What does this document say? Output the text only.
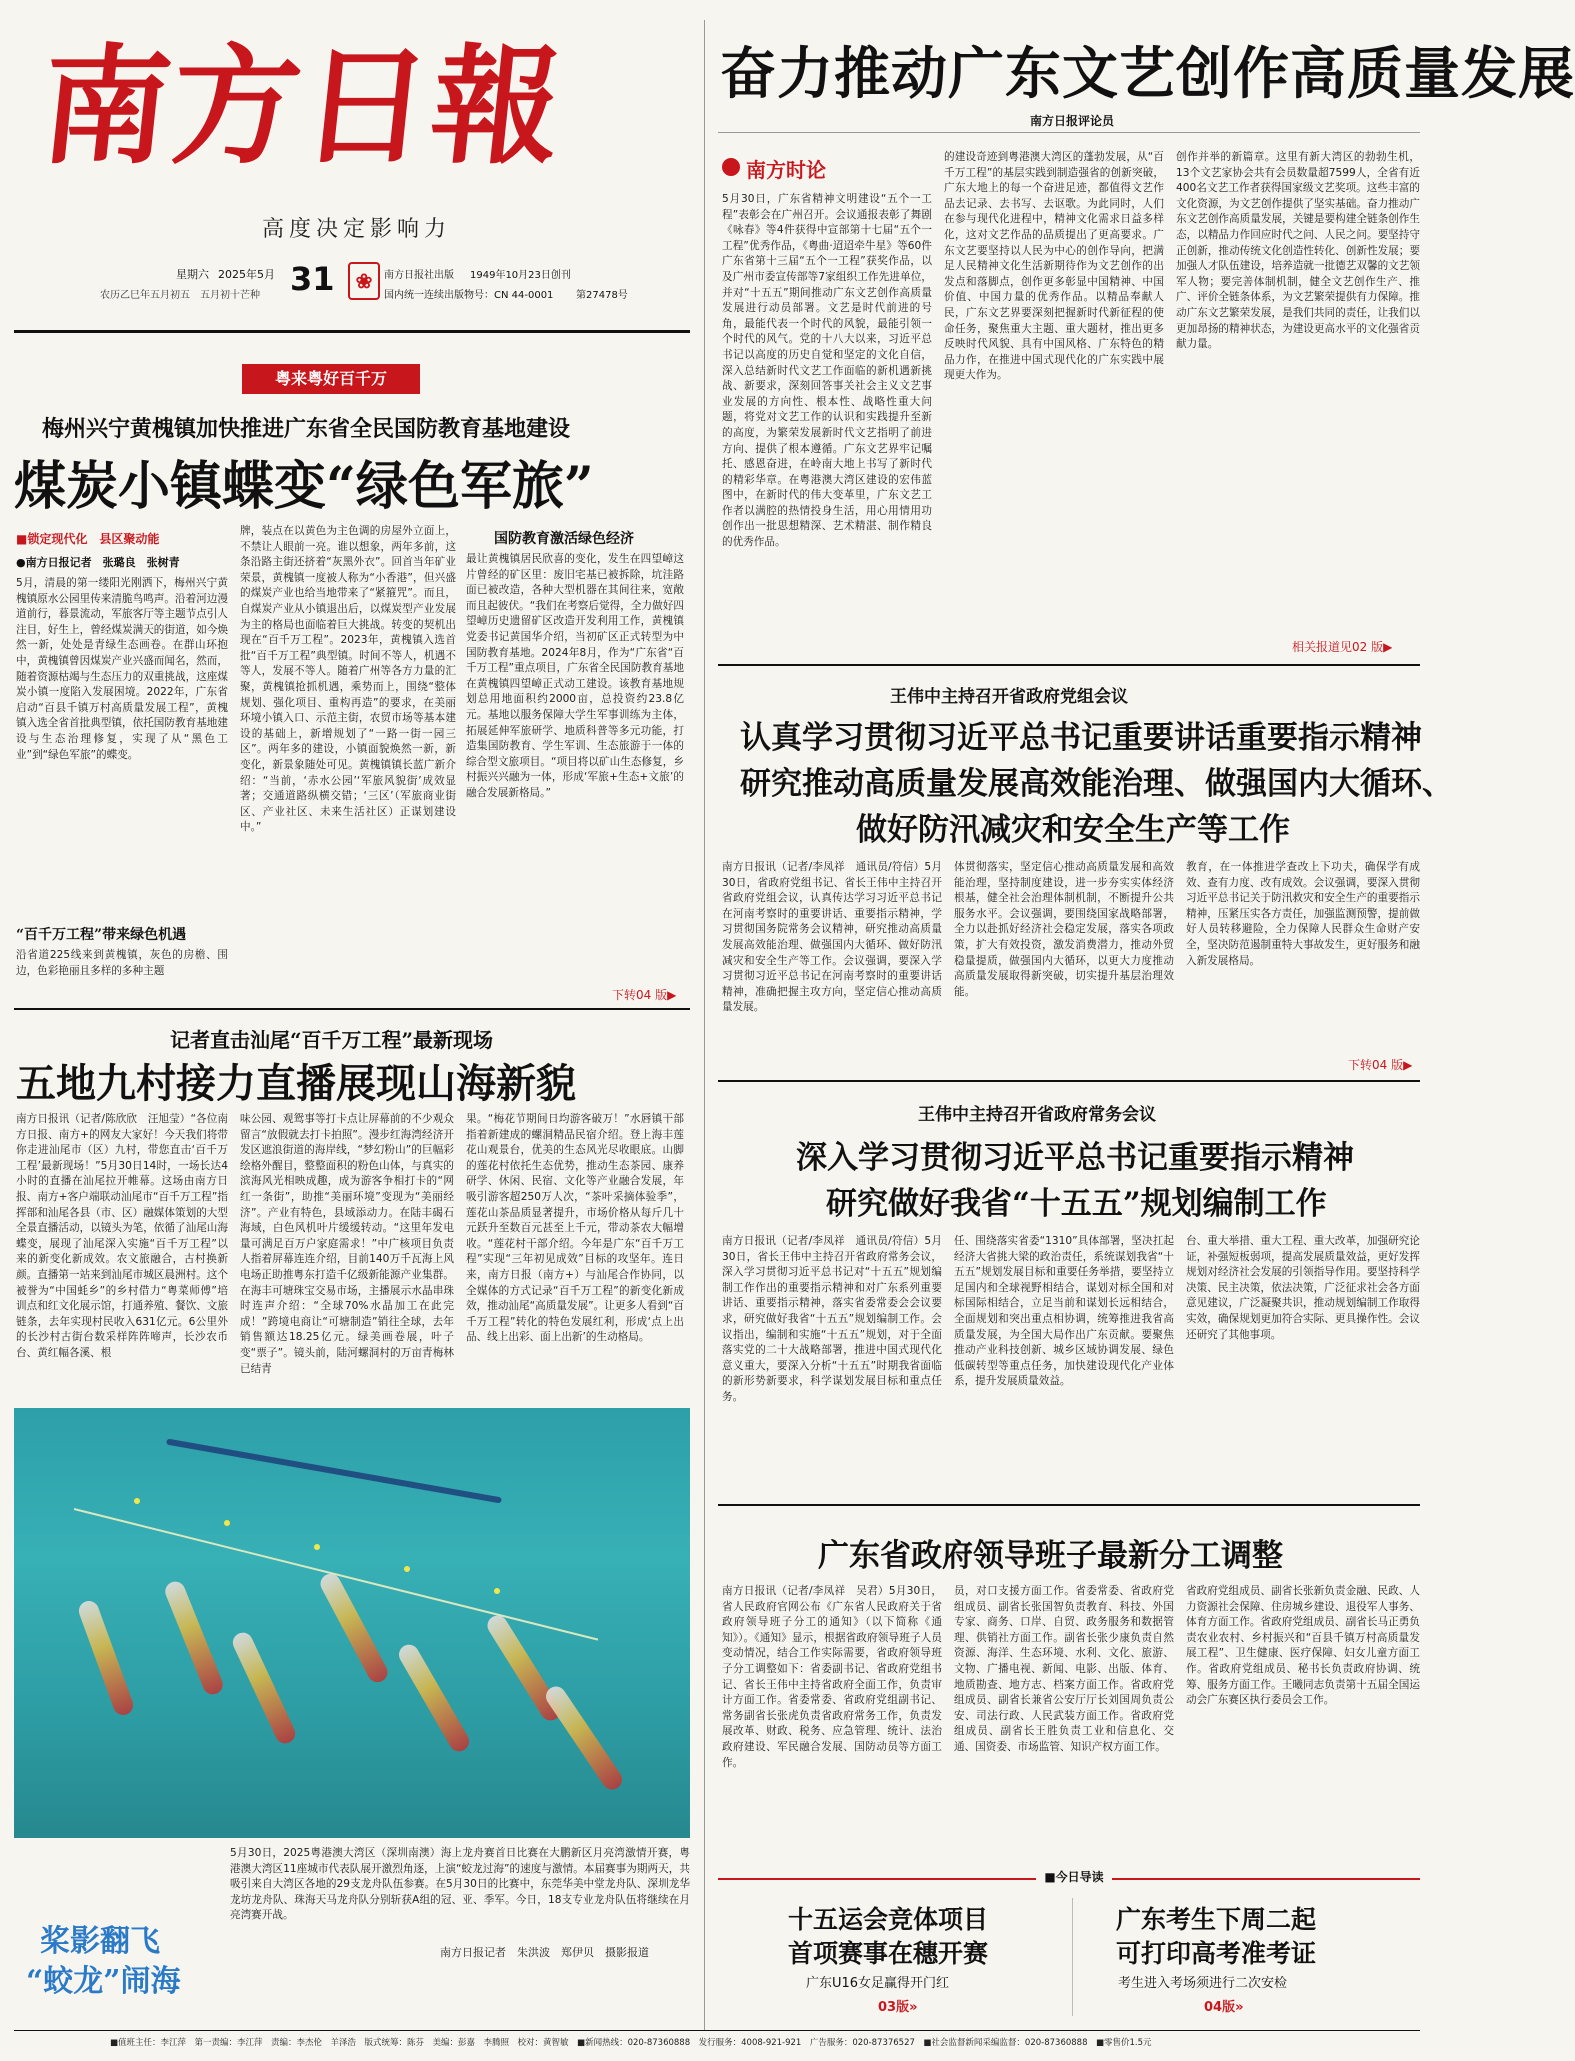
南方日報
高度决定影响力
星期六 2025年5月 31
农历乙巳年五月初五　五月初十芒种
❀	南方日报社出版 1949年10月23日创刊
国内统一连续出版物号：CN 44-0001 第27478号
奋力推动广东文艺创作高质量发展
南方日报评论员
南方时论
5月30日，广东省精神文明建设“五个一工程”表彰会在广州召开。会议通报表彰了舞剧《咏春》等4件获得中宣部第十七届“五个一工程”优秀作品，《粤曲·迢迢牵牛星》等60件广东省第十三届“五个一工程”获奖作品，以及广州市委宣传部等7家组织工作先进单位，并对“十五五”期间推动广东文艺创作高质量发展进行动员部署。文艺是时代前进的号角，最能代表一个时代的风貌，最能引领一个时代的风气。党的十八大以来，习近平总书记以高度的历史自觉和坚定的文化自信，深入总结新时代文艺工作面临的新机遇新挑战、新要求，深刻回答事关社会主义文艺事业发展的方向性、根本性、战略性重大问题，将党对文艺工作的认识和实践提升至新的高度，为繁荣发展新时代文艺指明了前进方向、提供了根本遵循。广东文艺界牢记嘱托、感恩奋进，在岭南大地上书写了新时代的精彩华章。在粤港澳大湾区建设的宏伟蓝图中，在新时代的伟大变革里，广东文艺工作者以满腔的热情投身生活，用心用情用功创作出一批思想精深、艺术精湛、制作精良的优秀作品。
的建设奇迹到粤港澳大湾区的蓬勃发展，从“百千万工程”的基层实践到制造强省的创新突破，广东大地上的每一个奋进足迹，都值得文艺作品去记录、去书写、去讴歌。为此同时，人们在参与现代化进程中，精神文化需求日益多样化，这对文艺作品的品质提出了更高要求。广东文艺要坚持以人民为中心的创作导向，把满足人民精神文化生活新期待作为文艺创作的出发点和落脚点，创作更多彰显中国精神、中国价值、中国力量的优秀作品。以精品奉献人民，广东文艺界要深刻把握新时代新征程的使命任务，聚焦重大主题、重大题材，推出更多反映时代风貌、具有中国风格、广东特色的精品力作，在推进中国式现代化的广东实践中展现更大作为。
创作并举的新篇章。这里有新大湾区的勃勃生机，13个文艺家协会共有会员数量超7599人，全省有近400名文艺工作者获得国家级文艺奖项。这些丰富的文化资源，为文艺创作提供了坚实基础。奋力推动广东文艺创作高质量发展，关键是要构建全链条创作生态，以精品力作回应时代之问、人民之问。要坚持守正创新，推动传统文化创造性转化、创新性发展；要加强人才队伍建设，培养造就一批德艺双馨的文艺领军人物；要完善体制机制，健全文艺创作生产、推广、评价全链条体系，为文艺繁荣提供有力保障。推动广东文艺繁荣发展，是我们共同的责任，让我们以更加昂扬的精神状态，为建设更高水平的文化强省贡献力量。
相关报道见02 版▶
粤来粤好百千万
梅州兴宁黄槐镇加快推进广东省全民国防教育基地建设
煤炭小镇蝶变“绿色军旅”
■锁定现代化　县区聚动能
●南方日报记者　张璐良　张树青
5月，清晨的第一缕阳光刚洒下，梅州兴宁黄槐镇原水公园里传来清脆鸟鸣声。沿着河边漫道前行，暮景流动，军旅客厅等主题节点引人注目，好生上，曾经煤炭满天的街道，如今焕然一新，处处是青绿生态画卷。在群山环抱中，黄槐镇曾因煤炭产业兴盛而闻名，然而，随着资源枯竭与生态压力的双重挑战，这座煤炭小镇一度陷入发展困境。2022年，广东省启动“百县千镇万村高质量发展工程”，黄槐镇入选全省首批典型镇，依托国防教育基地建设与生态治理修复，实现了从“黑色工业”到“绿色军旅”的蝶变。
“百千万工程”带来绿色机遇
沿省道225线来到黄槐镇，灰色的房檐、围边，色彩艳丽且多样的多种主题
牌，装点在以黄色为主色调的房屋外立面上，不禁让人眼前一亮。谁以想象，两年多前，这条沿路主街还挤着“灰黑外衣”。回首当年矿业荣景，黄槐镇一度被人称为“小香港”，但兴盛的煤炭产业也给当地带来了“紧箍咒”。而且，自煤炭产业从小镇退出后，以煤炭型产业发展为主的格局也面临着巨大挑战。转变的契机出现在“百千万工程”。2023年，黄槐镇入选首批“百千万工程”典型镇。时间不等人，机遇不等人，发展不等人。随着广州等各方力量的汇聚，黄槐镇抢抓机遇，乘势而上，围绕“整体规划、强化项目、重构再造”的要求，在美丽环境小镇入口、示范主街，农贸市场等基本建设的基础上，新增规划了“一路一街一园三区”。两年多的建设，小镇面貌焕然一新，新变化，新景象随处可见。黄槐镇镇长蓝广新介绍：“当前，‘赤水公园’‘军旅风貌街’成效显著；交通道路纵横交错；‘三区’（军旅商业街区、产业社区、未来生活社区）正谋划建设中。”
国防教育激活绿色经济
最让黄槐镇居民欣喜的变化，发生在四望嶂这片曾经的矿区里：废旧宅基已被拆除，坑洼路面已被改造，各种大型机器在其间往来，宽敞而且起彼伏。“我们在考察后觉得，全力做好四望嶂历史遗留矿区改造开发利用工作，黄槐镇党委书记黄国华介绍，当初矿区正式转型为中国防教育基地。2024年8月，作为“广东省“百千万工程”重点项目，广东省全民国防教育基地在黄槐镇四望嶂正式动工建设。该教育基地规划总用地面积约2000亩，总投资约23.8亿元。基地以服务保障大学生军事训练为主体，拓展延伸军旅研学、地质科普等多元功能，打造集国防教育、学生军训、生态旅游于一体的综合型文旅项目。“项目将以矿山生态修复，乡村振兴兴融为一体，形成‘军旅+生态+文旅’的融合发展新格局。”
下转04 版▶
记者直击汕尾“百千万工程”最新现场
五地九村接力直播展现山海新貌
南方日报讯（记者/陈欣欣　汪旭莹）“各位南方日报、南方+的网友大家好！今天我们将带你走进汕尾市（区）九村，带您直击‘百千万工程’最新现场！”5月30日14时，一场长达4小时的直播在汕尾拉开帷幕。这场由南方日报、南方+客户端联动汕尾市“百千万工程”指挥部和汕尾各县（市、区）融媒体策划的大型全景直播活动，以镜头为笔，依循了汕尾山海蝶变，展现了汕尾深入实施“百千万工程”以来的新变化新成效。农文旅融合，古村换新颜。直播第一站来到汕尾市城区晨洲村。这个被誉为“中国蚝乡”的乡村借力“粤菜师傅”培训点和红文化展示馆，打通养殖、餐饮、文旅链条，去年实现村民收入631亿元。6公里外的长沙村古街台数采样阵阵啼声，长沙农币台、黄红幅各溪、根
味公园、观鸳事等打卡点让屏幕前的不少观众留言“放假就去打卡拍照”。漫步红海湾经济开发区遮浪街道的海岸线，“梦幻粉山”的巨幅彩绘格外醒目，整整面积的粉色山体，与真实的滨海风光相映成趣，成为游客争相打卡的“网红一条街”，助推“美丽环境”变现为“美丽经济”。产业有特色，县域添动力。在陆丰碣石海域，白色风机叶片缓缓转动。“这里年发电量可满足百万户家庭需求！”中广核项目负责人指着屏幕连连介绍，目前140万千瓦海上风电场正助推粤东打造千亿级新能源产业集群。在海丰可塘珠宝交易市场，主播展示水晶串珠时连声介绍：“全球70%水晶加工在此完成！”跨境电商让“可塘制造”销往全球，去年销售额达18.25亿元。绿美画卷展，叶子变“票子”。镜头前，陆河螺洞村的万亩青梅林已结青
果。“梅花节期间日均游客破万！”水唇镇干部指着新建成的螺洞精品民宿介绍。登上海丰莲花山观景台，优美的生态风光尽收眼底。山脚的莲花村依托生态优势，推动生态茶园、康养研学、休闲、民宿、文化等产业融合发展，年吸引游客超250万人次，“茶叶采摘体验季”，莲花山茶品质显著提升，市场价格从每斤几十元跃升至数百元甚至上千元，带动茶农大幅增收。“莲花村干部介绍。今年是广东“百千万工程”实现“三年初见成效”目标的攻坚年。连日来，南方日报（南方+）与汕尾合作协同，以全媒体的方式记录“百千万工程”的新变化新成效，推动汕尾“高质量发展”。让更多人看到“百千万工程”转化的特色发展红利，形成‘点上出品、线上出彩、面上出新’的生动格局。
桨影翻飞
“蛟龙”闹海
5月30日，2025粤港澳大湾区（深圳南澳）海上龙舟赛首日比赛在大鹏新区月亮湾激情开赛，粤港澳大湾区11座城市代表队展开激烈角逐，上演“蛟龙过海”的速度与激情。本届赛事为期两天，共吸引来自大湾区各地的29支龙舟队伍参赛。在5月30日的比赛中，东莞华美中堂龙舟队、深圳龙华龙坊龙舟队、珠海天马龙舟队分别斩获A组的冠、亚、季军。今日，18支专业龙舟队伍将继续在月亮湾赛开战。
南方日报记者　朱洪波　郑伊贝　摄影报道
王伟中主持召开省政府党组会议
认真学习贯彻习近平总书记重要讲话重要指示精神
研究推动高质量发展高效能治理、做强国内大循环、
做好防汛减灾和安全生产等工作
南方日报讯（记者/李凤祥　通讯员/符信）5月30日，省政府党组书记、省长王伟中主持召开省政府党组会议，认真传达学习习近平总书记在河南考察时的重要讲话、重要指示精神，学习贯彻国务院常务会议精神，研究推动高质量发展高效能治理、做强国内大循环、做好防汛减灾和安全生产等工作。会议强调，要深入学习贯彻习近平总书记在河南考察时的重要讲话精神，准确把握主攻方向，坚定信心推动高质量发展。
体贯彻落实，坚定信心推动高质量发展和高效能治理，坚持制度建设，进一步夯实实体经济根基，健全社会治理体制机制，不断提升公共服务水平。会议强调，要围绕国家战略部署，全力以赴抓好经济社会稳定发展，落实各项政策，扩大有效投资，激发消费潜力，推动外贸稳量提质，做强国内大循环，以更大力度推动高质量发展取得新突破，切实提升基层治理效能。
教育，在一体推进学查改上下功夫，确保学有成效、查有力度、改有成效。会议强调，要深入贯彻习近平总书记关于防汛救灾和安全生产的重要指示精神，压紧压实各方责任，加强监测预警，提前做好人员转移避险，全力保障人民群众生命财产安全，坚决防范遏制重特大事故发生，更好服务和融入新发展格局。
下转04 版▶
王伟中主持召开省政府常务会议
深入学习贯彻习近平总书记重要指示精神
研究做好我省“十五五”规划编制工作
南方日报讯（记者/李凤祥　通讯员/符信）5月30日，省长王伟中主持召开省政府常务会议，深入学习贯彻习近平总书记对“十五五”规划编制工作作出的重要指示精神和对广东系列重要讲话、重要指示精神，落实省委常委会会议要求，研究做好我省“十五五”规划编制工作。会议指出，编制和实施“十五五”规划，对于全面落实党的二十大战略部署，推进中国式现代化意义重大，要深入分析“十五五”时期我省面临的新形势新要求，科学谋划发展目标和重点任务。
任、围绕落实省委“1310”具体部署，坚决扛起经济大省挑大梁的政治责任，系统谋划我省“十五五”规划发展目标和重要任务举措，要坚持立足国内和全球视野相结合，谋划对标全国和对标国际相结合，立足当前和谋划长远相结合，全面规划和突出重点相协调，统筹推进我省高质量发展，为全国大局作出广东贡献。要聚焦推动产业科技创新、城乡区域协调发展、绿色低碳转型等重点任务，加快建设现代化产业体系，提升发展质量效益。
台、重大举措、重大工程、重大改革，加强研究论证，补强短板弱项，提高发展质量效益，更好发挥规划对经济社会发展的引领指导作用。要坚持科学决策、民主决策，依法决策，广泛征求社会各方面意见建议，广泛凝聚共识，推动规划编制工作取得实效，确保规划更加符合实际、更具操作性。会议还研究了其他事项。
广东省政府领导班子最新分工调整
南方日报讯（记者/李凤祥　吴君）5月30日，省人民政府官网公布《广东省人民政府关于省政府领导班子分工的通知》（以下简称《通知》）。《通知》显示，根据省政府领导班子人员变动情况，结合工作实际需要，省政府领导班子分工调整如下：省委副书记、省政府党组书记、省长王伟中主持省政府全面工作，负责审计方面工作。省委常委、省政府党组副书记、常务副省长张虎负责省政府常务工作，负责发展改革、财政、税务、应急管理、统计、法治政府建设、军民融合发展、国防动员等方面工作。
员，对口支援方面工作。省委常委、省政府党组成员、副省长张国智负责教育、科技、外国专家、商务、口岸、自贸、政务服务和数据管理、供销社方面工作。副省长张少康负责自然资源、海洋、生态环境、水利、文化、旅游、文物、广播电视、新闻、电影、出版、体育、地质勘查、地方志、档案方面工作。省政府党组成员、副省长兼省公安厅厅长刘国周负责公安、司法行政、人民武装方面工作。省政府党组成员、副省长王胜负责工业和信息化、交通、国资委、市场监管、知识产权方面工作。
省政府党组成员、副省长张新负责金融、民政、人力资源社会保障、住房城乡建设、退役军人事务、体育方面工作。省政府党组成员、副省长马正勇负责农业农村、乡村振兴和“百县千镇万村高质量发展工程”、卫生健康、医疗保障、妇女儿童方面工作。省政府党组成员、秘书长负责政府协调、统筹、服务方面工作。王曦同志负责第十五届全国运动会广东赛区执行委员会工作。
■今日导读
十五运会竞体项目
首项赛事在穗开赛
广东U16女足赢得开门红
03版»
广东考生下周二起
可打印高考准考证
考生进入考场须进行二次安检
04版»
■值班主任：李江萍　第一责编：李江萍　责编：李杰伦　羊泽浩　版式统筹：陈芬　美编：彭嘉　李腾照　校对：黄智敏　■新闻热线：020-87360888　发行服务：4008-921-921　广告服务：020-87376527　■社会监督新闻采编监督：020-87360888　■零售价1.5元
